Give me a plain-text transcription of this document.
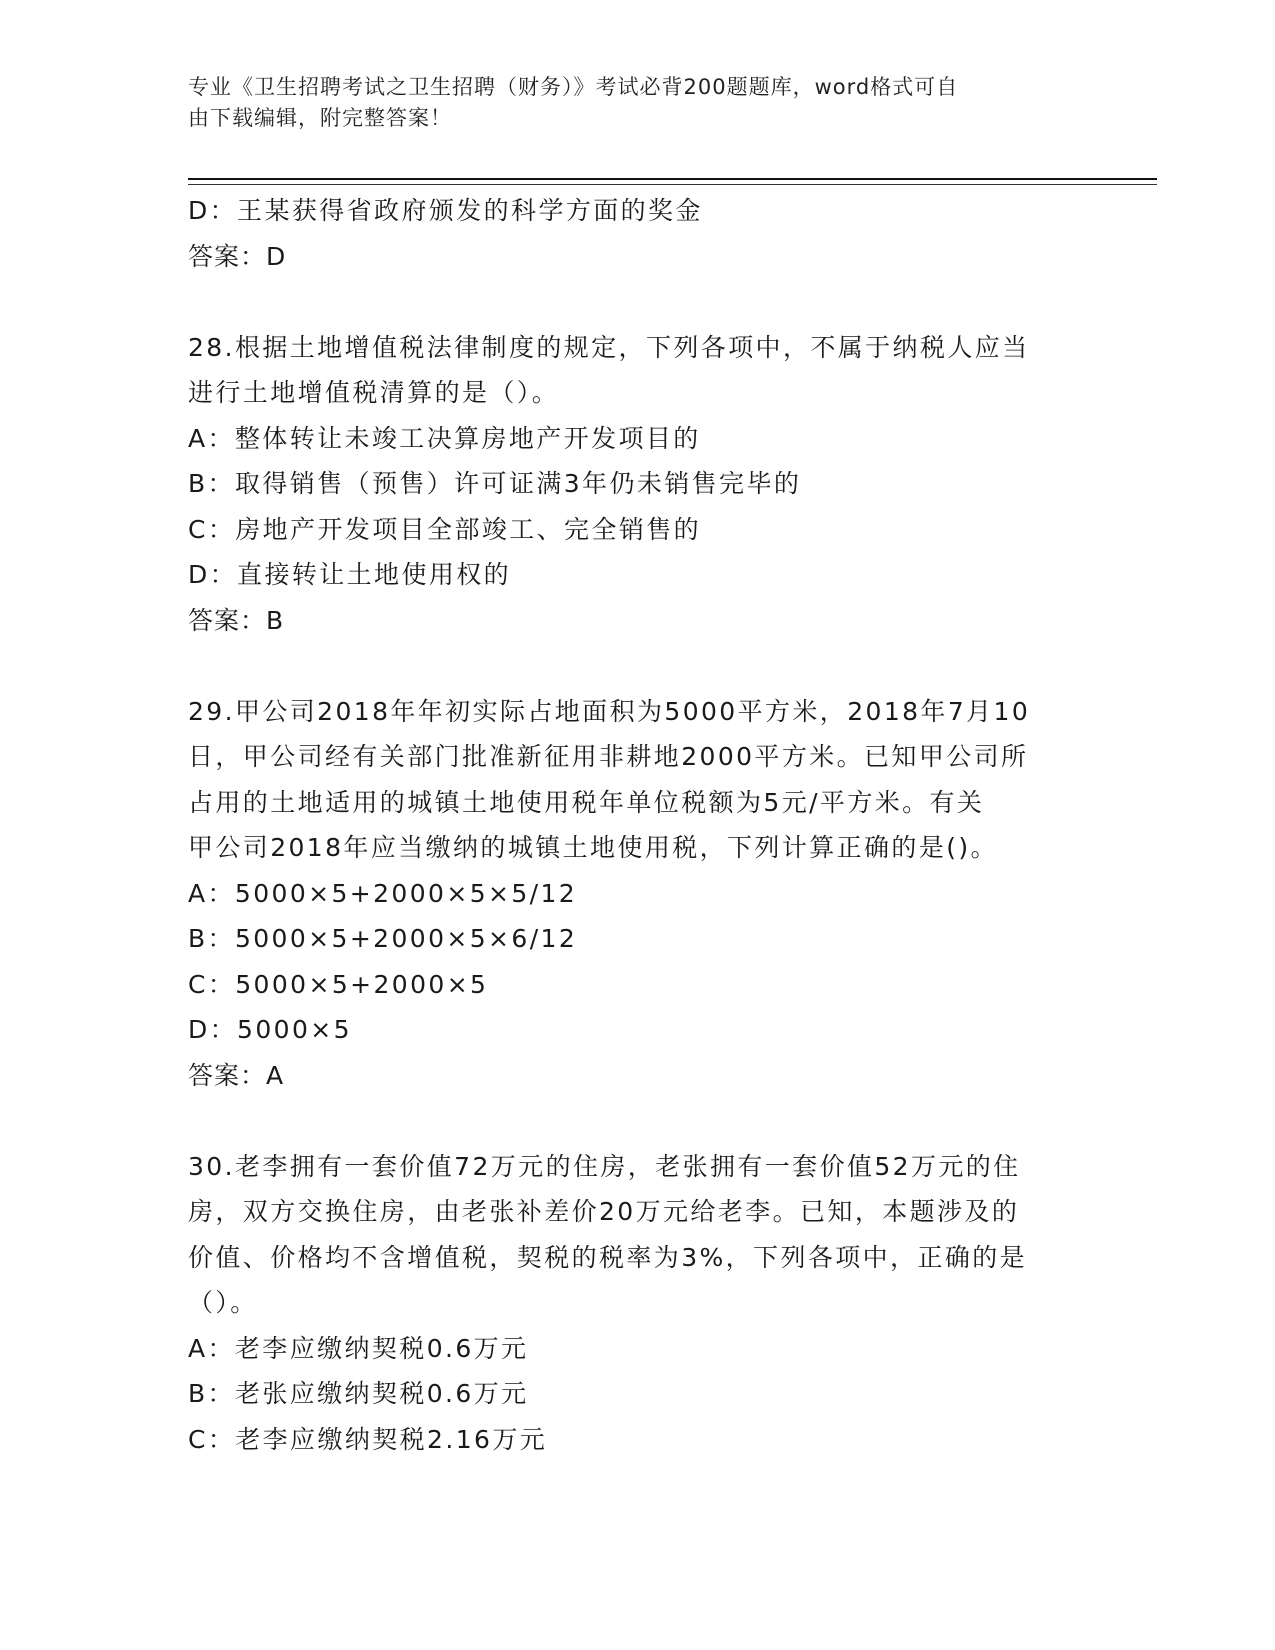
专业《卫生招聘考试之卫生招聘（财务）》考试必背200题题库，word格式可自
由下载编辑，附完整答案！
D：王某获得省政府颁发的科学方面的奖金
答案：D
28.根据土地增值税法律制度的规定，下列各项中，不属于纳税人应当
进行土地增值税清算的是（）。
A：整体转让未竣工决算房地产开发项目的
B：取得销售（预售）许可证满3年仍未销售完毕的
C：房地产开发项目全部竣工、完全销售的
D：直接转让土地使用权的
答案：B
29.甲公司2018年年初实际占地面积为5000平方米，2018年7月10
日，甲公司经有关部门批准新征用非耕地2000平方米。已知甲公司所
占用的土地适用的城镇土地使用税年单位税额为5元/平方米。有关
甲公司2018年应当缴纳的城镇土地使用税，下列计算正确的是()。
A：5000×5+2000×5×5/12
B：5000×5+2000×5×6/12
C：5000×5+2000×5
D：5000×5
答案：A
30.老李拥有一套价值72万元的住房，老张拥有一套价值52万元的住
房，双方交换住房，由老张补差价20万元给老李。已知，本题涉及的
价值、价格均不含增值税，契税的税率为3%，下列各项中，正确的是
（）。
A：老李应缴纳契税0.6万元
B：老张应缴纳契税0.6万元
C：老李应缴纳契税2.16万元
